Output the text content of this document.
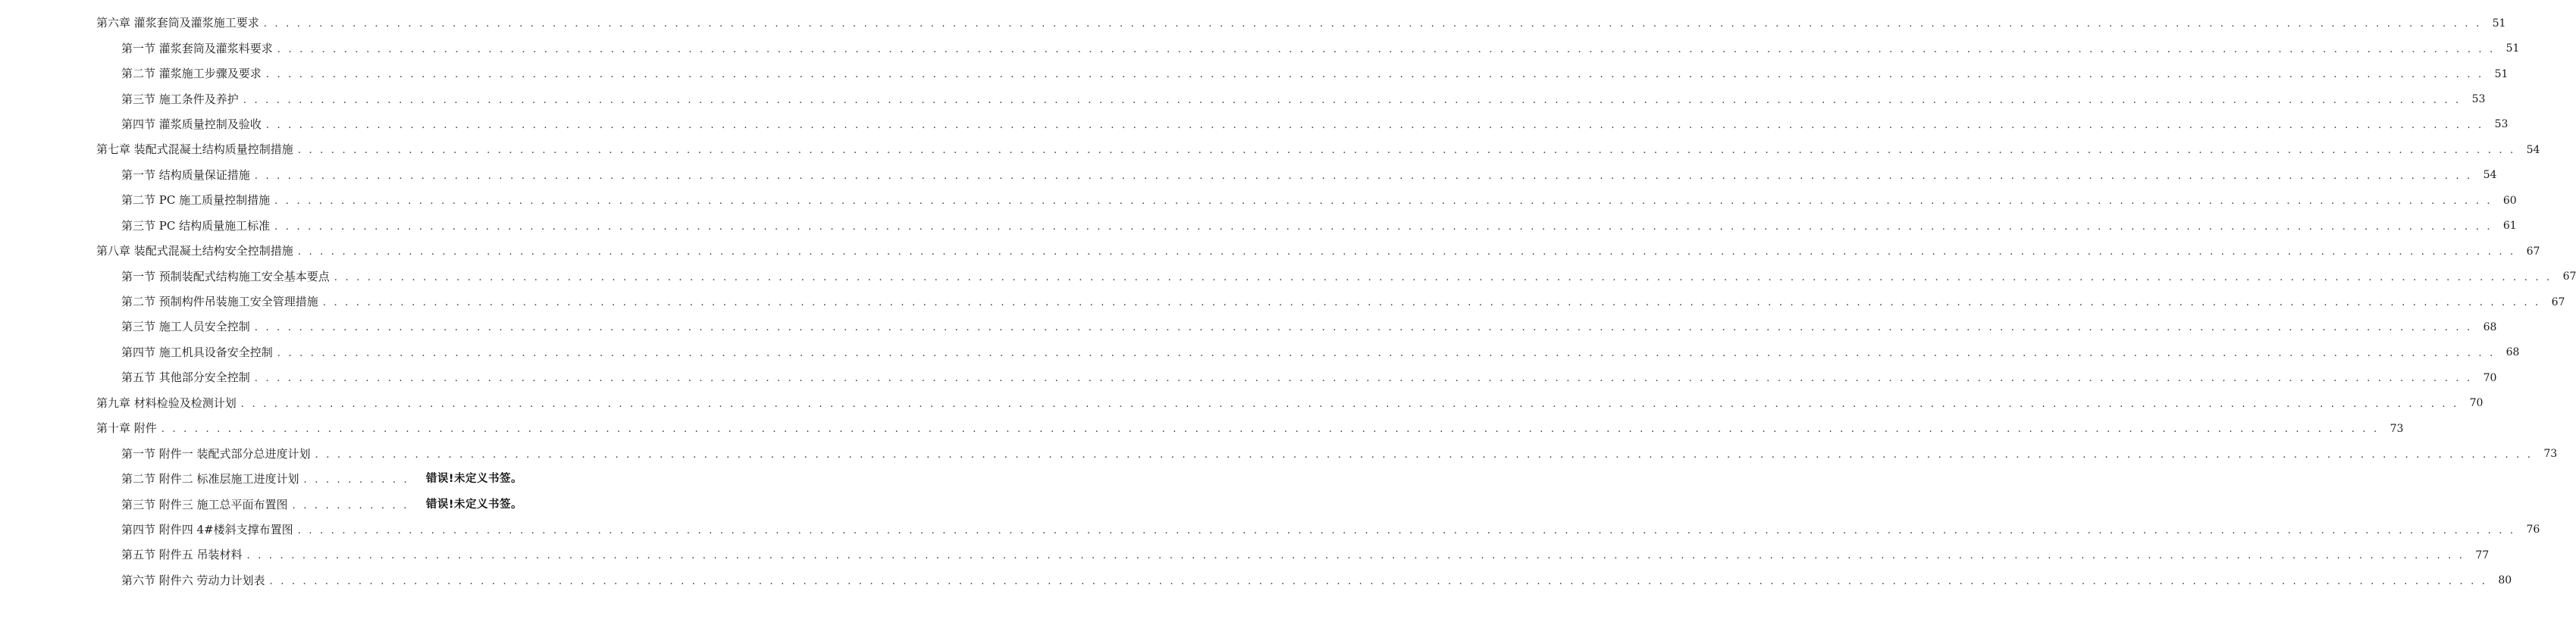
第六章 灌浆套筒及灌浆施工要求 . . . . . . . . . . . . . . . . . . . . . . . . . . . . . . . . . . . . . . . . . . . . . . . . . . . . . . . . . . . . . . . . . . . . . . . . . . . . . . . . . . . . . . . . . . . . . . . . . . . . . . . . . . . . . . . . . . . . . . . . . . . . . . . . . . . . . . . . . . . . . . . . . . . . . . . . . . . . . . . . . . . . . . . . . . . . . . . . . . . . . . . . . . . . . . . . . . . . . . . .	51
第一节 灌浆套筒及灌浆料要求 . . . . . . . . . . . . . . . . . . . . . . . . . . . . . . . . . . . . . . . . . . . . . . . . . . . . . . . . . . . . . . . . . . . . . . . . . . . . . . . . . . . . . . . . . . . . . . . . . . . . . . . . . . . . . . . . . . . . . . . . . . . . . . . . . . . . . . . . . . . . . . . . . . . . . . . . . . . . . . . . . . . . . . . . . . . . . . . . . . . . . . . . . . . . . . . . . . . . . . . .	51
第二节 灌浆施工步骤及要求 . . . . . . . . . . . . . . . . . . . . . . . . . . . . . . . . . . . . . . . . . . . . . . . . . . . . . . . . . . . . . . . . . . . . . . . . . . . . . . . . . . . . . . . . . . . . . . . . . . . . . . . . . . . . . . . . . . . . . . . . . . . . . . . . . . . . . . . . . . . . . . . . . . . . . . . . . . . . . . . . . . . . . . . . . . . . . . . . . . . . . . . . . . . . . . . . . . . . . . . .	51
第三节 施工条件及养护 . . . . . . . . . . . . . . . . . . . . . . . . . . . . . . . . . . . . . . . . . . . . . . . . . . . . . . . . . . . . . . . . . . . . . . . . . . . . . . . . . . . . . . . . . . . . . . . . . . . . . . . . . . . . . . . . . . . . . . . . . . . . . . . . . . . . . . . . . . . . . . . . . . . . . . . . . . . . . . . . . . . . . . . . . . . . . . . . . . . . . . . . . . . . . . . . . . . . . . . .	53
第四节 灌浆质量控制及验收 . . . . . . . . . . . . . . . . . . . . . . . . . . . . . . . . . . . . . . . . . . . . . . . . . . . . . . . . . . . . . . . . . . . . . . . . . . . . . . . . . . . . . . . . . . . . . . . . . . . . . . . . . . . . . . . . . . . . . . . . . . . . . . . . . . . . . . . . . . . . . . . . . . . . . . . . . . . . . . . . . . . . . . . . . . . . . . . . . . . . . . . . . . . . . . . . . . . . . . . .	53
第七章 装配式混凝土结构质量控制措施 . . . . . . . . . . . . . . . . . . . . . . . . . . . . . . . . . . . . . . . . . . . . . . . . . . . . . . . . . . . . . . . . . . . . . . . . . . . . . . . . . . . . . . . . . . . . . . . . . . . . . . . . . . . . . . . . . . . . . . . . . . . . . . . . . . . . . . . . . . . . . . . . . . . . . . . . . . . . . . . . . . . . . . . . . . . . . . . . . . . . . . . . . . . . . . . . . . . . . . . .	54
第一节 结构质量保证措施 . . . . . . . . . . . . . . . . . . . . . . . . . . . . . . . . . . . . . . . . . . . . . . . . . . . . . . . . . . . . . . . . . . . . . . . . . . . . . . . . . . . . . . . . . . . . . . . . . . . . . . . . . . . . . . . . . . . . . . . . . . . . . . . . . . . . . . . . . . . . . . . . . . . . . . . . . . . . . . . . . . . . . . . . . . . . . . . . . . . . . . . . . . . . . . . . . . . . . . . .	54
第二节 PC 施工质量控制措施 . . . . . . . . . . . . . . . . . . . . . . . . . . . . . . . . . . . . . . . . . . . . . . . . . . . . . . . . . . . . . . . . . . . . . . . . . . . . . . . . . . . . . . . . . . . . . . . . . . . . . . . . . . . . . . . . . . . . . . . . . . . . . . . . . . . . . . . . . . . . . . . . . . . . . . . . . . . . . . . . . . . . . . . . . . . . . . . . . . . . . . . . . . . . . . . . . . . . . . . .	60
第三节 PC 结构质量施工标准 . . . . . . . . . . . . . . . . . . . . . . . . . . . . . . . . . . . . . . . . . . . . . . . . . . . . . . . . . . . . . . . . . . . . . . . . . . . . . . . . . . . . . . . . . . . . . . . . . . . . . . . . . . . . . . . . . . . . . . . . . . . . . . . . . . . . . . . . . . . . . . . . . . . . . . . . . . . . . . . . . . . . . . . . . . . . . . . . . . . . . . . . . . . . . . . . . . . . . . . .	61
第八章 装配式混凝土结构安全控制措施 . . . . . . . . . . . . . . . . . . . . . . . . . . . . . . . . . . . . . . . . . . . . . . . . . . . . . . . . . . . . . . . . . . . . . . . . . . . . . . . . . . . . . . . . . . . . . . . . . . . . . . . . . . . . . . . . . . . . . . . . . . . . . . . . . . . . . . . . . . . . . . . . . . . . . . . . . . . . . . . . . . . . . . . . . . . . . . . . . . . . . . . . . . . . . . . . . . . . . . . .	67
第一节 预制装配式结构施工安全基本要点 . . . . . . . . . . . . . . . . . . . . . . . . . . . . . . . . . . . . . . . . . . . . . . . . . . . . . . . . . . . . . . . . . . . . . . . . . . . . . . . . . . . . . . . . . . . . . . . . . . . . . . . . . . . . . . . . . . . . . . . . . . . . . . . . . . . . . . . . . . . . . . . . . . . . . . . . . . . . . . . . . . . . . . . . . . . . . . . . . . . . . . . . . . . . . . . . . . . . . . . .	67
第二节 预制构件吊装施工安全管理措施 . . . . . . . . . . . . . . . . . . . . . . . . . . . . . . . . . . . . . . . . . . . . . . . . . . . . . . . . . . . . . . . . . . . . . . . . . . . . . . . . . . . . . . . . . . . . . . . . . . . . . . . . . . . . . . . . . . . . . . . . . . . . . . . . . . . . . . . . . . . . . . . . . . . . . . . . . . . . . . . . . . . . . . . . . . . . . . . . . . . . . . . . . . . . . . . . . . . . . . . .	67
第三节 施工人员安全控制 . . . . . . . . . . . . . . . . . . . . . . . . . . . . . . . . . . . . . . . . . . . . . . . . . . . . . . . . . . . . . . . . . . . . . . . . . . . . . . . . . . . . . . . . . . . . . . . . . . . . . . . . . . . . . . . . . . . . . . . . . . . . . . . . . . . . . . . . . . . . . . . . . . . . . . . . . . . . . . . . . . . . . . . . . . . . . . . . . . . . . . . . . . . . . . . . . . . . . . . .	68
第四节 施工机具设备安全控制 . . . . . . . . . . . . . . . . . . . . . . . . . . . . . . . . . . . . . . . . . . . . . . . . . . . . . . . . . . . . . . . . . . . . . . . . . . . . . . . . . . . . . . . . . . . . . . . . . . . . . . . . . . . . . . . . . . . . . . . . . . . . . . . . . . . . . . . . . . . . . . . . . . . . . . . . . . . . . . . . . . . . . . . . . . . . . . . . . . . . . . . . . . . . . . . . . . . . . . . .	68
第五节 其他部分安全控制 . . . . . . . . . . . . . . . . . . . . . . . . . . . . . . . . . . . . . . . . . . . . . . . . . . . . . . . . . . . . . . . . . . . . . . . . . . . . . . . . . . . . . . . . . . . . . . . . . . . . . . . . . . . . . . . . . . . . . . . . . . . . . . . . . . . . . . . . . . . . . . . . . . . . . . . . . . . . . . . . . . . . . . . . . . . . . . . . . . . . . . . . . . . . . . . . . . . . . . . .	70
第九章 材料检验及检测计划 . . . . . . . . . . . . . . . . . . . . . . . . . . . . . . . . . . . . . . . . . . . . . . . . . . . . . . . . . . . . . . . . . . . . . . . . . . . . . . . . . . . . . . . . . . . . . . . . . . . . . . . . . . . . . . . . . . . . . . . . . . . . . . . . . . . . . . . . . . . . . . . . . . . . . . . . . . . . . . . . . . . . . . . . . . . . . . . . . . . . . . . . . . . . . . . . . . . . . . . .	70
第十章 附件 . . . . . . . . . . . . . . . . . . . . . . . . . . . . . . . . . . . . . . . . . . . . . . . . . . . . . . . . . . . . . . . . . . . . . . . . . . . . . . . . . . . . . . . . . . . . . . . . . . . . . . . . . . . . . . . . . . . . . . . . . . . . . . . . . . . . . . . . . . . . . . . . . . . . . . . . . . . . . . . . . . . . . . . . . . . . . . . . . . . . . . . . . . . . . . . . . . . . . . . .	73
第一节 附件一 装配式部分总进度计划 . . . . . . . . . . . . . . . . . . . . . . . . . . . . . . . . . . . . . . . . . . . . . . . . . . . . . . . . . . . . . . . . . . . . . . . . . . . . . . . . . . . . . . . . . . . . . . . . . . . . . . . . . . . . . . . . . . . . . . . . . . . . . . . . . . . . . . . . . . . . . . . . . . . . . . . . . . . . . . . . . . . . . . . . . . . . . . . . . . . . . . . . . . . . . . . . . . . . . . . .	73
第二节 附件二 标准层施工进度计划 . . . . . . . . . .	错误!未定义书签。
第三节 附件三 施工总平面布置图 . . . . . . . . . . .	错误!未定义书签。
第四节 附件四 4#楼斜支撑布置图 . . . . . . . . . . . . . . . . . . . . . . . . . . . . . . . . . . . . . . . . . . . . . . . . . . . . . . . . . . . . . . . . . . . . . . . . . . . . . . . . . . . . . . . . . . . . . . . . . . . . . . . . . . . . . . . . . . . . . . . . . . . . . . . . . . . . . . . . . . . . . . . . . . . . . . . . . . . . . . . . . . . . . . . . . . . . . . . . . . . . . . . . . . . . . . . . . . . . . . . .	76
第五节 附件五 吊装材料 . . . . . . . . . . . . . . . . . . . . . . . . . . . . . . . . . . . . . . . . . . . . . . . . . . . . . . . . . . . . . . . . . . . . . . . . . . . . . . . . . . . . . . . . . . . . . . . . . . . . . . . . . . . . . . . . . . . . . . . . . . . . . . . . . . . . . . . . . . . . . . . . . . . . . . . . . . . . . . . . . . . . . . . . . . . . . . . . . . . . . . . . . . . . . . . . . . . . . . . .	77
第六节 附件六 劳动力计划表 . . . . . . . . . . . . . . . . . . . . . . . . . . . . . . . . . . . . . . . . . . . . . . . . . . . . . . . . . . . . . . . . . . . . . . . . . . . . . . . . . . . . . . . . . . . . . . . . . . . . . . . . . . . . . . . . . . . . . . . . . . . . . . . . . . . . . . . . . . . . . . . . . . . . . . . . . . . . . . . . . . . . . . . . . . . . . . . . . . . . . . . . . . . . . . . . . . . . . . . .	80
